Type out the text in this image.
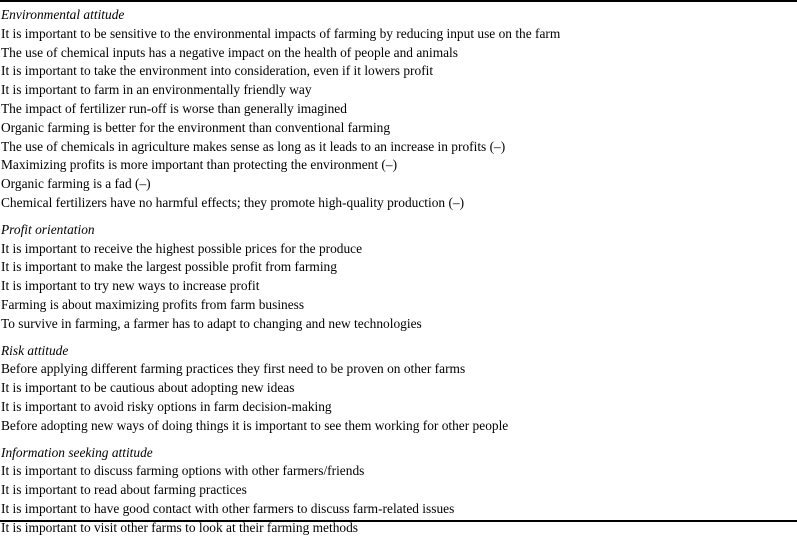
Environmental attitude
It is important to be sensitive to the environmental impacts of farming by reducing input use on the farm
The use of chemical inputs has a negative impact on the health of people and animals
It is important to take the environment into consideration, even if it lowers profit
It is important to farm in an environmentally friendly way
The impact of fertilizer run-off is worse than generally imagined
Organic farming is better for the environment than conventional farming
The use of chemicals in agriculture makes sense as long as it leads to an increase in profits (–)
Maximizing profits is more important than protecting the environment (–)
Organic farming is a fad (–)
Chemical fertilizers have no harmful effects; they promote high-quality production (–)
Profit orientation
It is important to receive the highest possible prices for the produce
It is important to make the largest possible profit from farming
It is important to try new ways to increase profit
Farming is about maximizing profits from farm business
To survive in farming, a farmer has to adapt to changing and new technologies
Risk attitude
Before applying different farming practices they first need to be proven on other farms
It is important to be cautious about adopting new ideas
It is important to avoid risky options in farm decision-making
Before adopting new ways of doing things it is important to see them working for other people
Information seeking attitude
It is important to discuss farming options with other farmers/friends
It is important to read about farming practices
It is important to have good contact with other farmers to discuss farm-related issues
It is important to visit other farms to look at their farming methods
